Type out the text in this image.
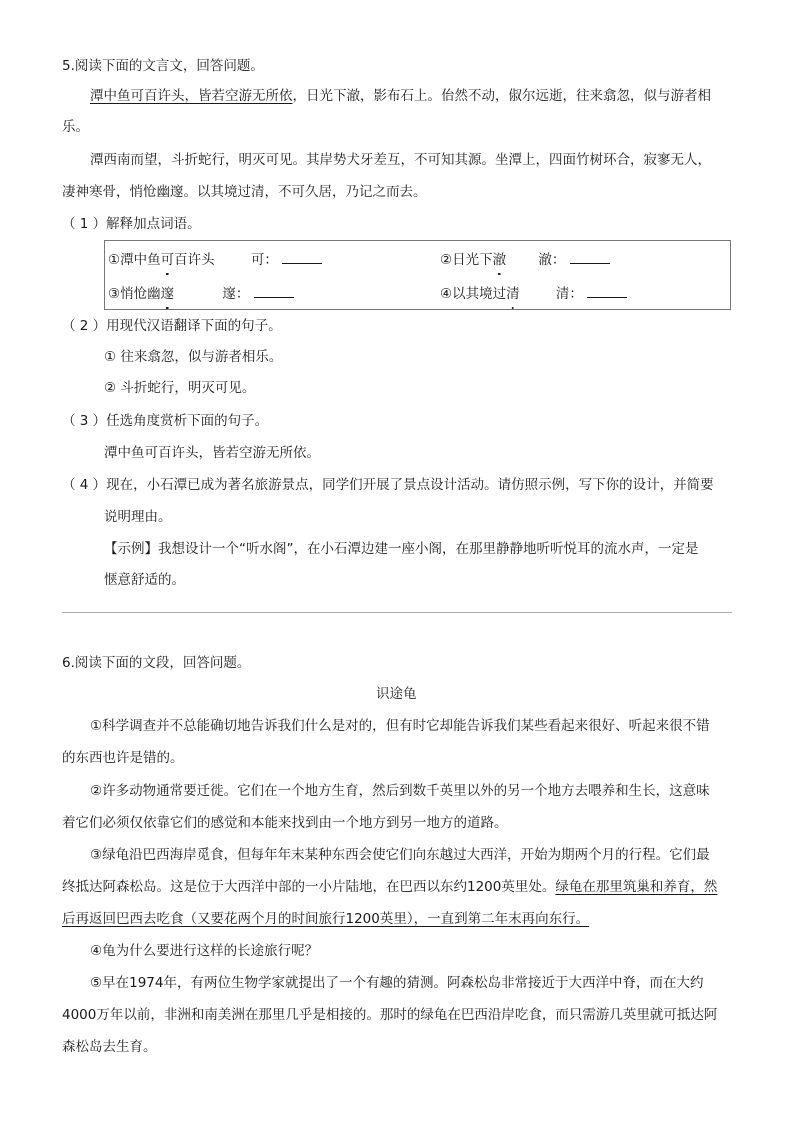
5.阅读下面的文言文，回答问题。
潭中鱼可百许头，皆若空游无所依，日光下澈，影布石上。佁然不动，俶尔远逝，往来翕忽，似与游者相
乐。
潭西南而望，斗折蛇行，明灭可见。其岸势犬牙差互，不可知其源。坐潭上，四面竹树环合，寂寥无人，
凄神寒骨，悄怆幽邃。以其境过清，不可久居，乃记之而去。
（ 1 ）解释加点词语。
①潭中鱼可百许头	可：	②日光下澈 澈：
③悄怆幽邃	邃：	④以其境过清	清：
（ 2 ）用现代汉语翻译下面的句子。
① 往来翕忽，似与游者相乐。
② 斗折蛇行，明灭可见。
（ 3 ）任选角度赏析下面的句子。
潭中鱼可百许头，皆若空游无所依。
（ 4 ）现在，小石潭已成为著名旅游景点，同学们开展了景点设计活动。请仿照示例，写下你的设计，并简要
说明理由。
【示例】我想设计一个“听水阁”，在小石潭边建一座小阁，在那里静静地听听悦耳的流水声，一定是
惬意舒适的。
6.阅读下面的文段，回答问题。
识途龟
①科学调查并不总能确切地告诉我们什么是对的，但有时它却能告诉我们某些看起来很好、听起来很不错
的东西也许是错的。
②许多动物通常要迁徙。它们在一个地方生育，然后到数千英里以外的另一个地方去喂养和生长，这意味
着它们必须仅依靠它们的感觉和本能来找到由一个地方到另一地方的道路。
③绿龟沿巴西海岸觅食，但每年年末某种东西会使它们向东越过大西洋，开始为期两个月的行程。它们最
终抵达阿森松岛。这是位于大西洋中部的一小片陆地，在巴西以东约1200英里处。绿龟在那里筑巢和养育，然
后再返回巴西去吃食（又要花两个月的时间旅行1200英里），一直到第二年末再向东行。
④龟为什么要进行这样的长途旅行呢？
⑤早在1974年，有两位生物学家就提出了一个有趣的猜测。阿森松岛非常接近于大西洋中脊，而在大约
4000万年以前，非洲和南美洲在那里几乎是相接的。那时的绿龟在巴西沿岸吃食，而只需游几英里就可抵达阿
森松岛去生育。
